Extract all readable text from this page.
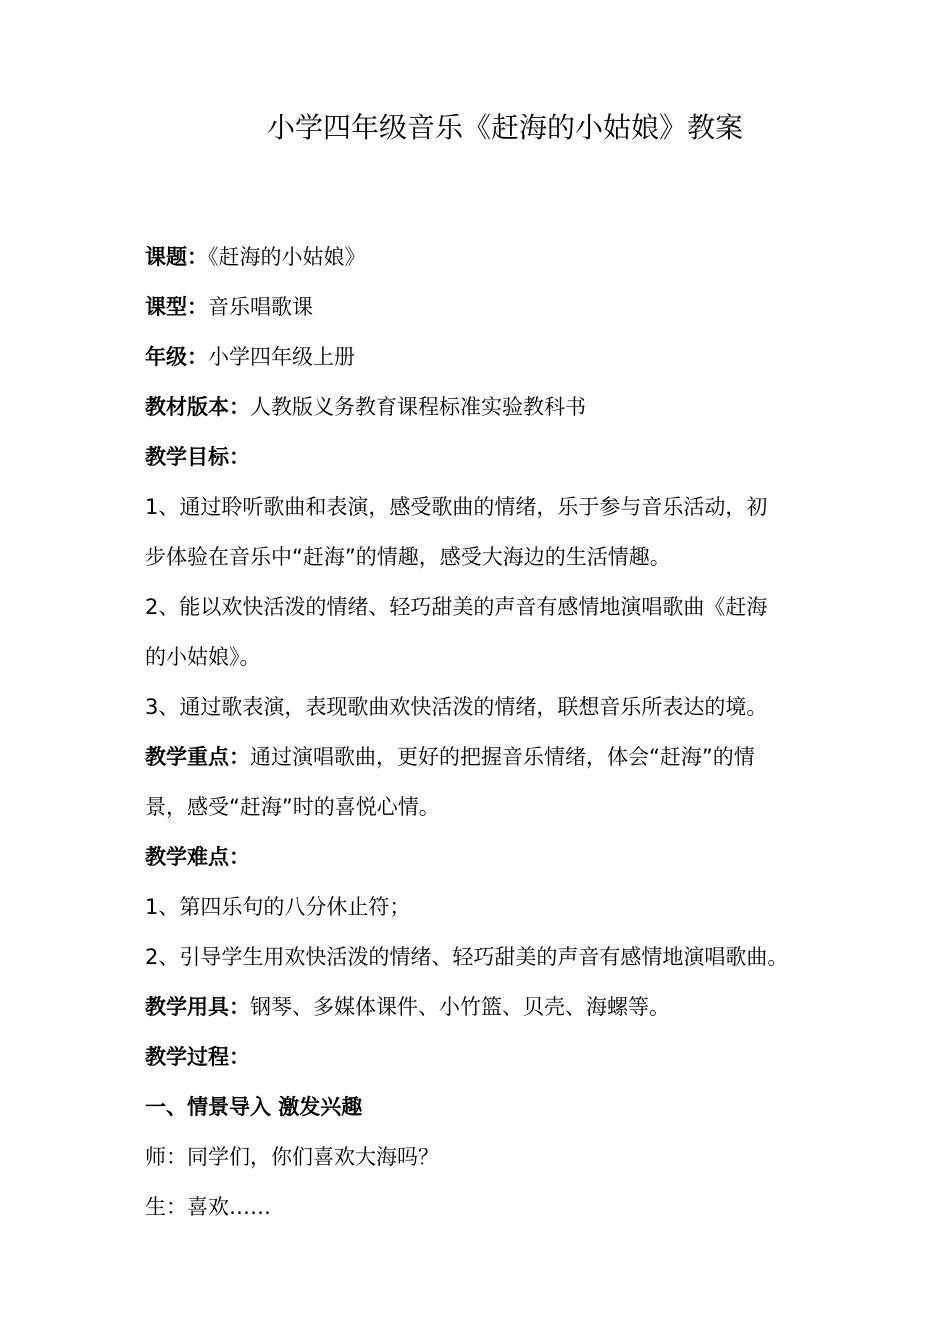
小学四年级音乐《赶海的小姑娘》教案
课题：《赶海的小姑娘》
课型：音乐唱歌课
年级：小学四年级上册
教材版本：人教版义务教育课程标准实验教科书
教学目标：
1、通过聆听歌曲和表演，感受歌曲的情绪，乐于参与音乐活动，初
步体验在音乐中“赶海”的情趣，感受大海边的生活情趣。
2、能以欢快活泼的情绪、轻巧甜美的声音有感情地演唱歌曲《赶海
的小姑娘》。
3、通过歌表演，表现歌曲欢快活泼的情绪，联想音乐所表达的境。
教学重点：通过演唱歌曲，更好的把握音乐情绪，体会“赶海”的情
景，感受“赶海”时的喜悦心情。
教学难点：
1、第四乐句的八分休止符；
2、引导学生用欢快活泼的情绪、轻巧甜美的声音有感情地演唱歌曲。
教学用具：钢琴、多媒体课件、小竹篮、贝壳、海螺等。
教学过程：
一、情景导入 激发兴趣
师：同学们，你们喜欢大海吗？
生：喜欢……
